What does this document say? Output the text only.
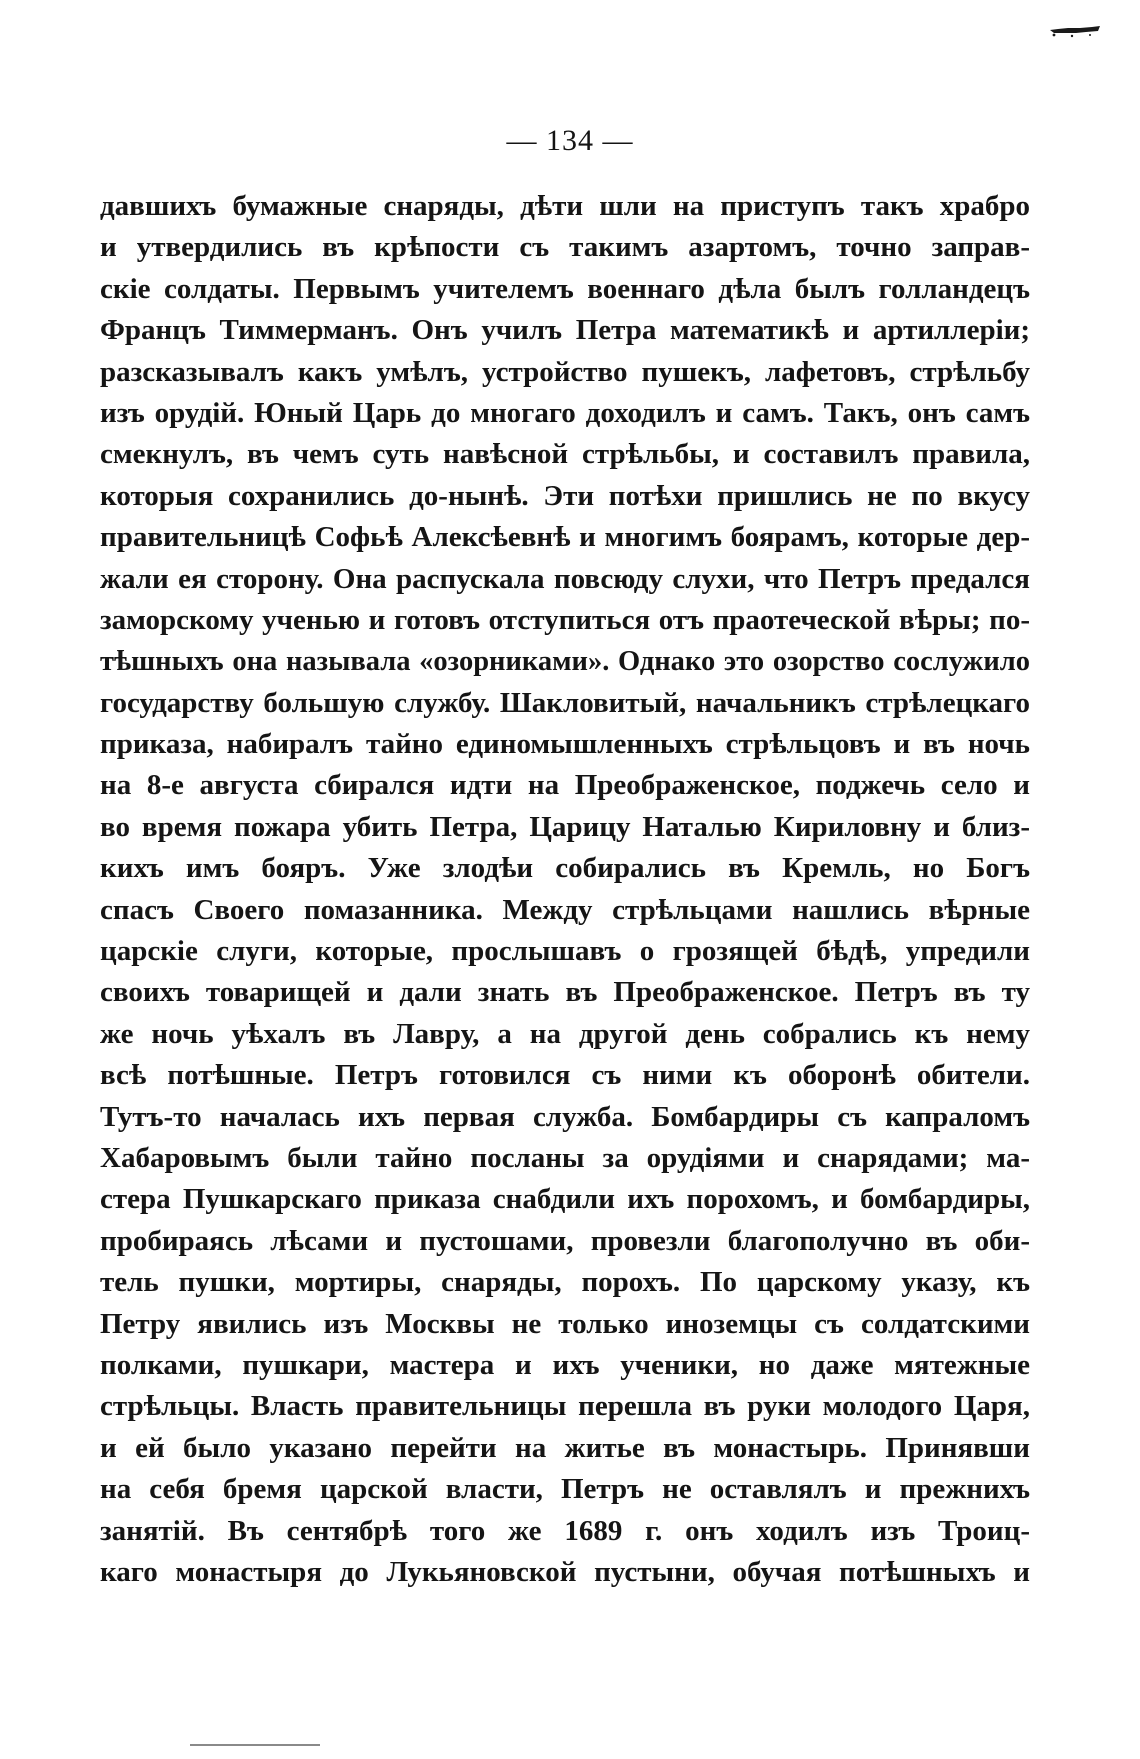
— 134 —
давшихъ бумажные снаряды, дѣти шли на приступъ такъ храбро
и утвердились въ крѣпости съ такимъ азартомъ, точно заправ-
скіе солдаты. Первымъ учителемъ военнаго дѣла былъ голландецъ
Францъ Тиммерманъ. Онъ училъ Петра математикѣ и артиллеріи;
разсказывалъ какъ умѣлъ, устройство пушекъ, лафетовъ, стрѣльбу
изъ орудій. Юный Царь до многаго доходилъ и самъ. Такъ, онъ самъ
смекнулъ, въ чемъ суть навѣсной стрѣльбы, и составилъ правила,
которыя сохранились до-нынѣ. Эти потѣхи пришлись не по вкусу
правительницѣ Софьѣ Алексѣевнѣ и многимъ боярамъ, которые дер-
жали ея сторону. Она распускала повсюду слухи, что Петръ предался
заморскому ученью и готовъ отступиться отъ праотеческой вѣры; по-
тѣшныхъ она называла «озорниками». Однако это озорство сослужило
государству большую службу. Шакловитый, начальникъ стрѣлецкаго
приказа, набиралъ тайно единомышленныхъ стрѣльцовъ и въ ночь
на 8-е августа сбирался идти на Преображенское, поджечь село и
во время пожара убить Петра, Царицу Наталью Кириловну и близ-
кихъ имъ бояръ. Уже злодѣи собирались въ Кремль, но Богъ
спасъ Своего помазанника. Между стрѣльцами нашлись вѣрные
царскіе слуги, которые, прослышавъ о грозящей бѣдѣ, упредили
своихъ товарищей и дали знать въ Преображенское. Петръ въ ту
же ночь уѣхалъ въ Лавру, а на другой день собрались къ нему
всѣ потѣшные. Петръ готовился съ ними къ оборонѣ обители.
Тутъ-то началась ихъ первая служба. Бомбардиры съ капраломъ
Хабаровымъ были тайно посланы за орудіями и снарядами; ма-
стера Пушкарскаго приказа снабдили ихъ порохомъ, и бомбардиры,
пробираясь лѣсами и пустошами, провезли благополучно въ оби-
тель пушки, мортиры, снаряды, порохъ. По царскому указу, къ
Петру явились изъ Москвы не только иноземцы съ солдатскими
полками, пушкари, мастера и ихъ ученики, но даже мятежные
стрѣльцы. Власть правительницы перешла въ руки молодого Царя,
и ей было указано перейти на житье въ монастырь. Принявши
на себя бремя царской власти, Петръ не оставлялъ и прежнихъ
занятій. Въ сентябрѣ того же 1689 г. онъ ходилъ изъ Троиц-
каго монастыря до Лукьяновской пустыни, обучая потѣшныхъ и
